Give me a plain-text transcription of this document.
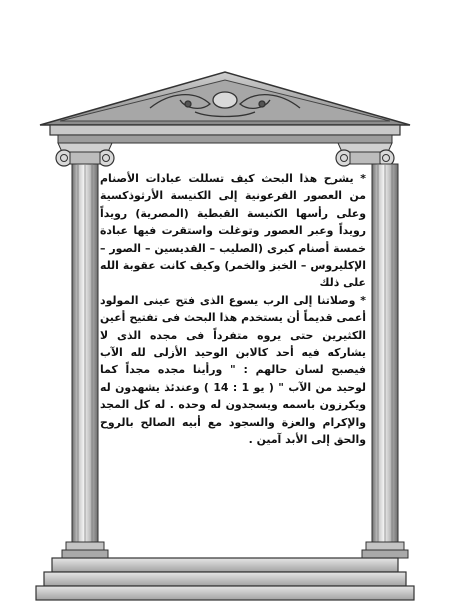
* يشرح هذا البحث كيف تسللت عبادات الأصنام من العصور الفرعونية إلى الكنيسة الأرثوذكسية وعلى رأسها الكنيسة القبطية (المصرية) رويداً رويداً وعبر العصور وتوغلت واستقرت فيها عبادة خمسة أصنام كبرى (الصليب – القديسين – الصور – الإكليروس – الخبز والخمر) وكيف كانت عقوبة الله على ذلك

* وصلاتنا إلى الرب يسوع الذى فتح عينى المولود أعمى قديماً أن يستخدم هذا البحث فى تفتيح أعين الكثيرين حتى يروه متفرداً فى مجده الذى لا يشاركه فيه أحد كالابن الوحيد الأزلى لله الآب فيصبح لسان حالهم : " ورأينا مجده مجداً كما لوحيد من الآب " ( يو 1 : 14 ) وعندئذ يشهدون له ويكرزون باسمه ويسجدون له وحده . له كل المجد والإكرام والعزة والسجود مع أبيه الصالح بالروح والحق إلى الأبد آمين .
